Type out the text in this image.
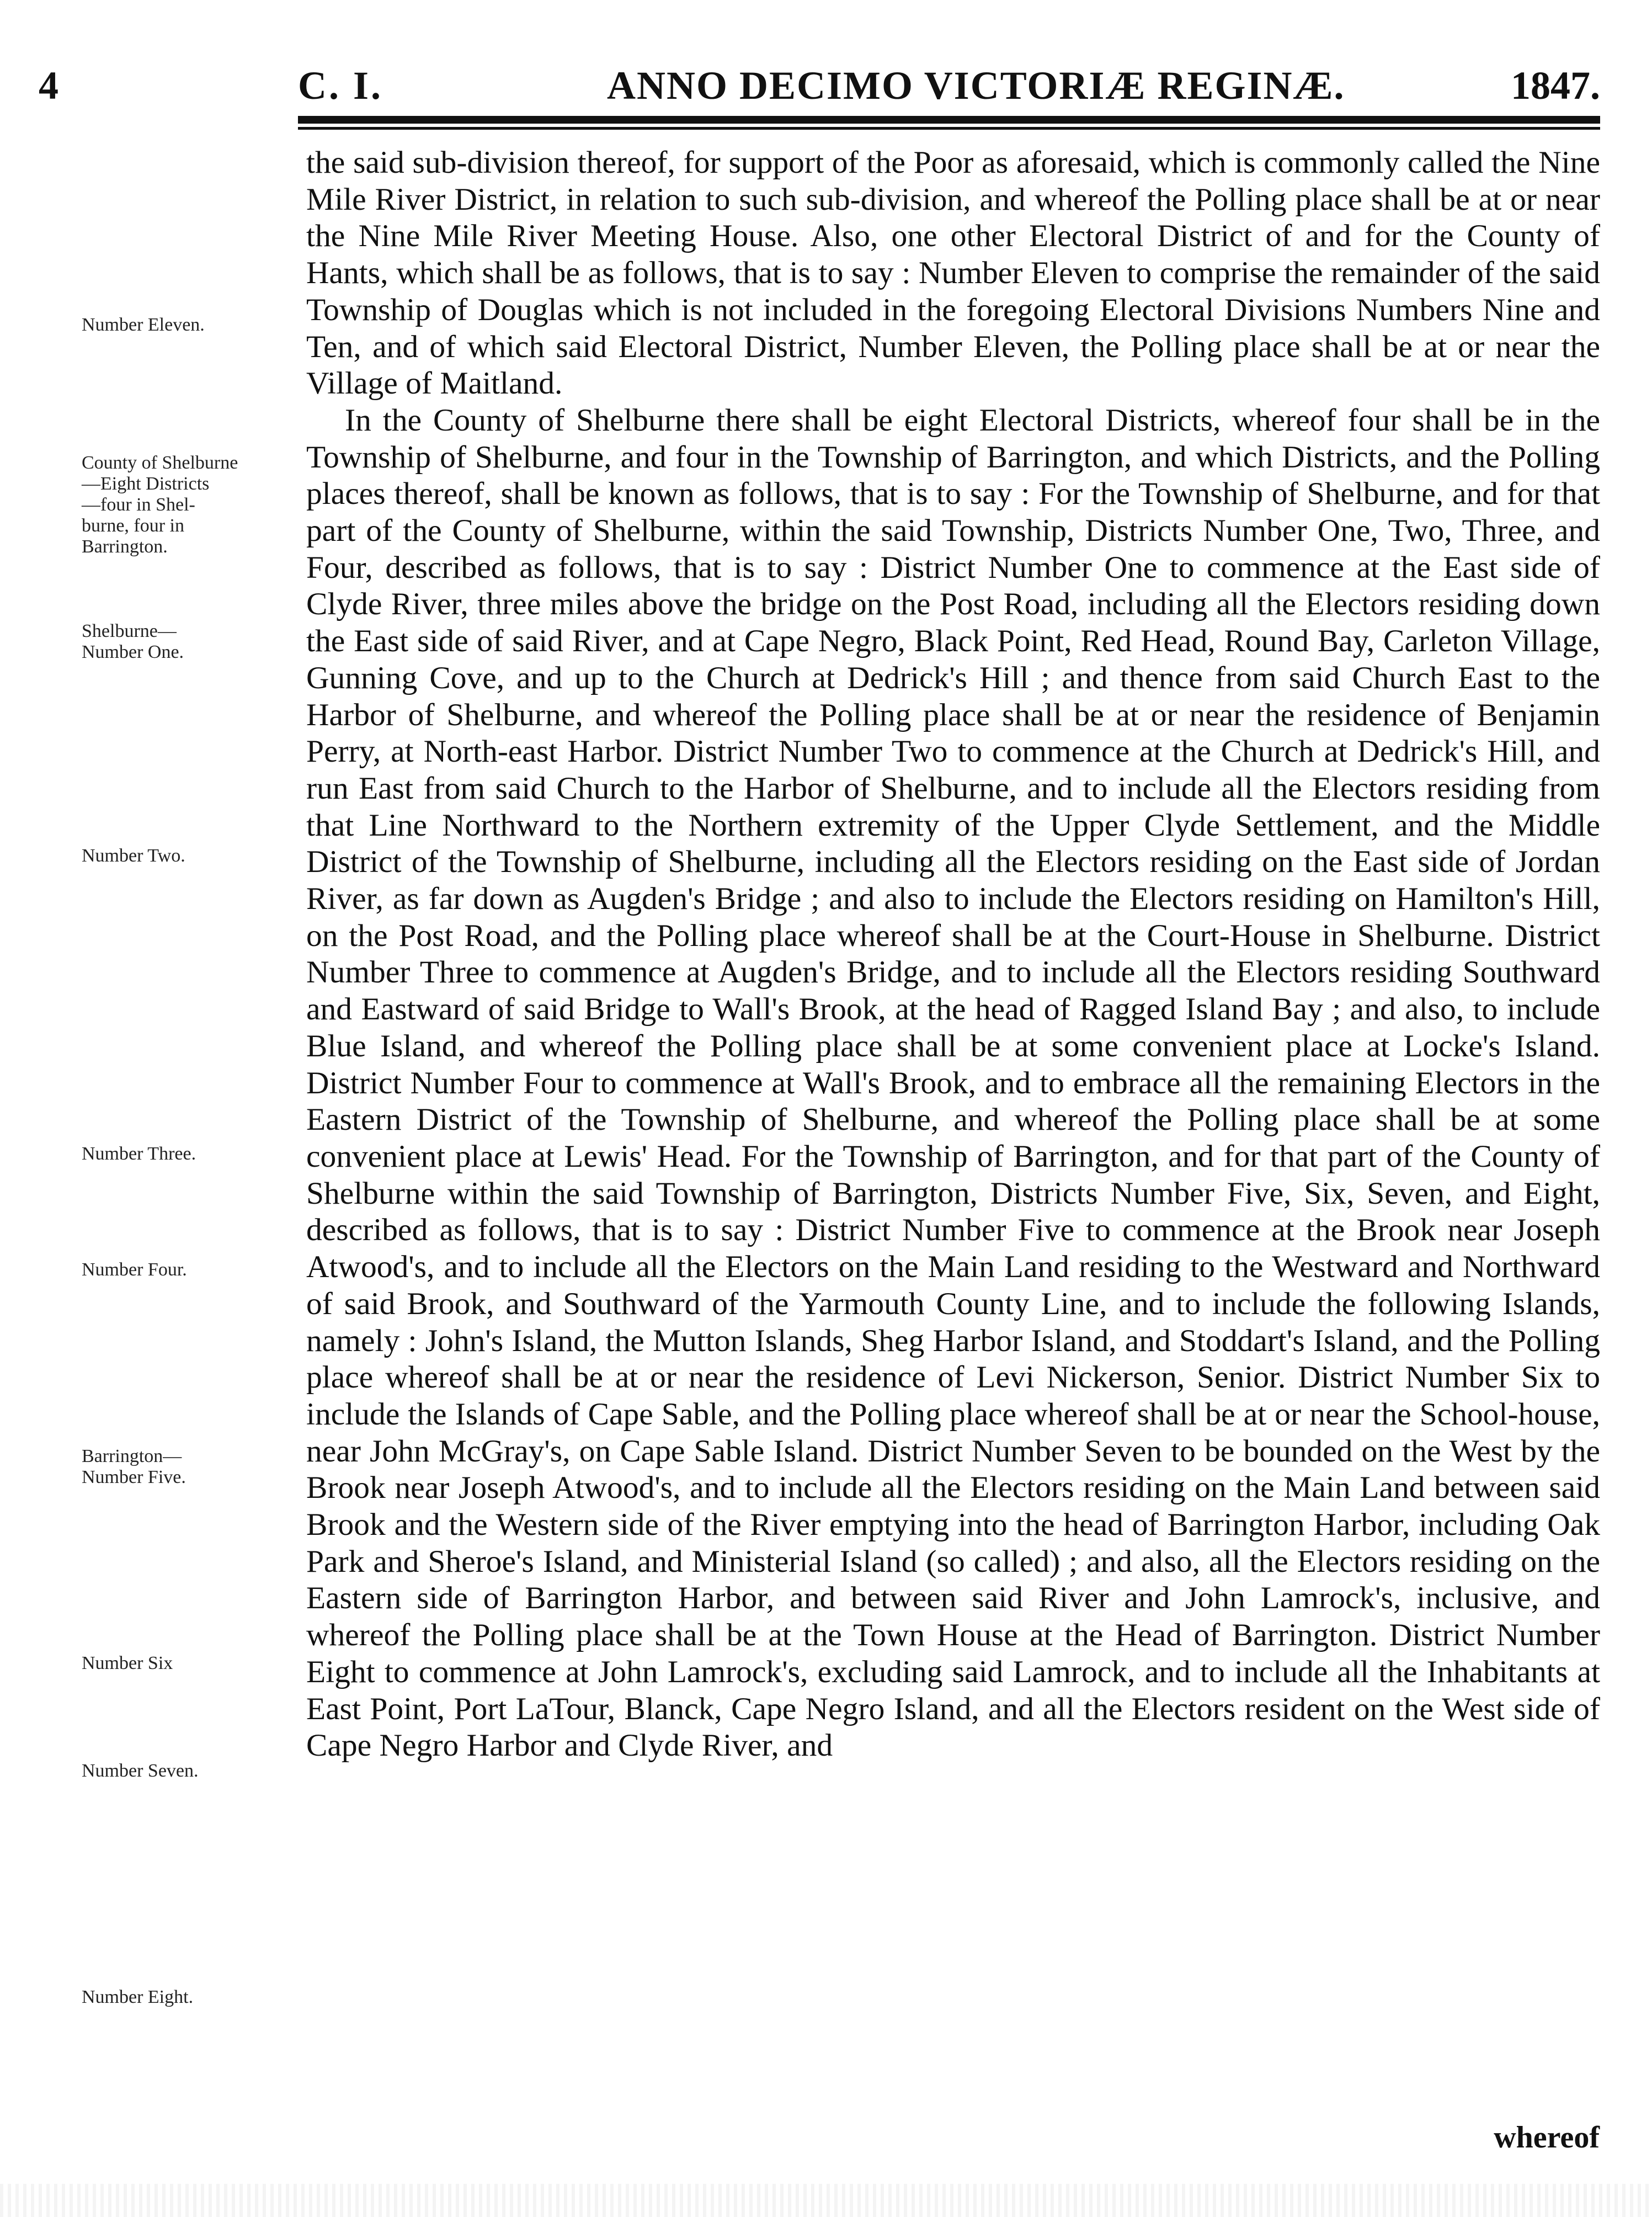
4	C. I.	ANNO DECIMO VICTORIÆ REGINÆ.	1847.
Number Eleven.
County of Shelburne
—Eight Districts
—four in Shel-
burne, four in
Barrington.
Shelburne—
Number One.
Number Two.
Number Three.
Number Four.
Barrington—
Number Five.
Number Six
Number Seven.
Number Eight.

the said sub-division thereof, for support of the Poor as aforesaid, which is commonly called the Nine Mile River District, in relation to such sub-division, and whereof the Polling place shall be at or near the Nine Mile River Meeting House. Also, one other Electoral District of and for the County of Hants, which shall be as follows, that is to say : Number Eleven to comprise the remainder of the said Township of Douglas which is not included in the foregoing Electoral Divisions Numbers Nine and Ten, and of which said Electoral District, Number Eleven, the Polling place shall be at or near the Village of Maitland.

In the County of Shelburne there shall be eight Electoral Districts, whereof four shall be in the Township of Shelburne, and four in the Township of Barrington, and which Districts, and the Polling places thereof, shall be known as follows, that is to say : For the Township of Shelburne, and for that part of the County of Shelburne, within the said Township, Districts Number One, Two, Three, and Four, described as follows, that is to say : District Number One to commence at the East side of Clyde River, three miles above the bridge on the Post Road, including all the Electors residing down the East side of said River, and at Cape Negro, Black Point, Red Head, Round Bay, Carleton Village, Gunning Cove, and up to the Church at Dedrick's Hill ; and thence from said Church East to the Harbor of Shelburne, and whereof the Polling place shall be at or near the residence of Benjamin Perry, at North-east Harbor. District Number Two to commence at the Church at Dedrick's Hill, and run East from said Church to the Harbor of Shelburne, and to include all the Electors residing from that Line Northward to the Northern extremity of the Upper Clyde Settlement, and the Middle District of the Township of Shelburne, including all the Electors residing on the East side of Jordan River, as far down as Augden's Bridge ; and also to include the Electors residing on Hamilton's Hill, on the Post Road, and the Polling place whereof shall be at the Court-House in Shelburne. District Number Three to commence at Augden's Bridge, and to include all the Electors residing Southward and Eastward of said Bridge to Wall's Brook, at the head of Ragged Island Bay ; and also, to include Blue Island, and whereof the Polling place shall be at some convenient place at Locke's Island. District Number Four to commence at Wall's Brook, and to embrace all the remaining Electors in the Eastern District of the Township of Shelburne, and whereof the Polling place shall be at some convenient place at Lewis' Head. For the Township of Barrington, and for that part of the County of Shelburne within the said Township of Barrington, Districts Number Five, Six, Seven, and Eight, described as follows, that is to say : District Number Five to commence at the Brook near Joseph Atwood's, and to include all the Electors on the Main Land residing to the Westward and Northward of said Brook, and Southward of the Yarmouth County Line, and to include the following Islands, namely : John's Island, the Mutton Islands, Sheg Harbor Island, and Stoddart's Island, and the Polling place whereof shall be at or near the residence of Levi Nickerson, Senior. District Number Six to include the Islands of Cape Sable, and the Polling place whereof shall be at or near the School-house, near John McGray's, on Cape Sable Island. District Number Seven to be bounded on the West by the Brook near Joseph Atwood's, and to include all the Electors residing on the Main Land between said Brook and the Western side of the River emptying into the head of Barrington Harbor, including Oak Park and Sheroe's Island, and Ministerial Island (so called) ; and also, all the Electors residing on the Eastern side of Barrington Harbor, and between said River and John Lamrock's, inclusive, and whereof the Polling place shall be at the Town House at the Head of Barrington. District Number Eight to commence at John Lamrock's, excluding said Lamrock, and to include all the Inhabitants at East Point, Port LaTour, Blanck, Cape Negro Island, and all the Electors resident on the West side of Cape Negro Harbor and Clyde River, and

whereof
